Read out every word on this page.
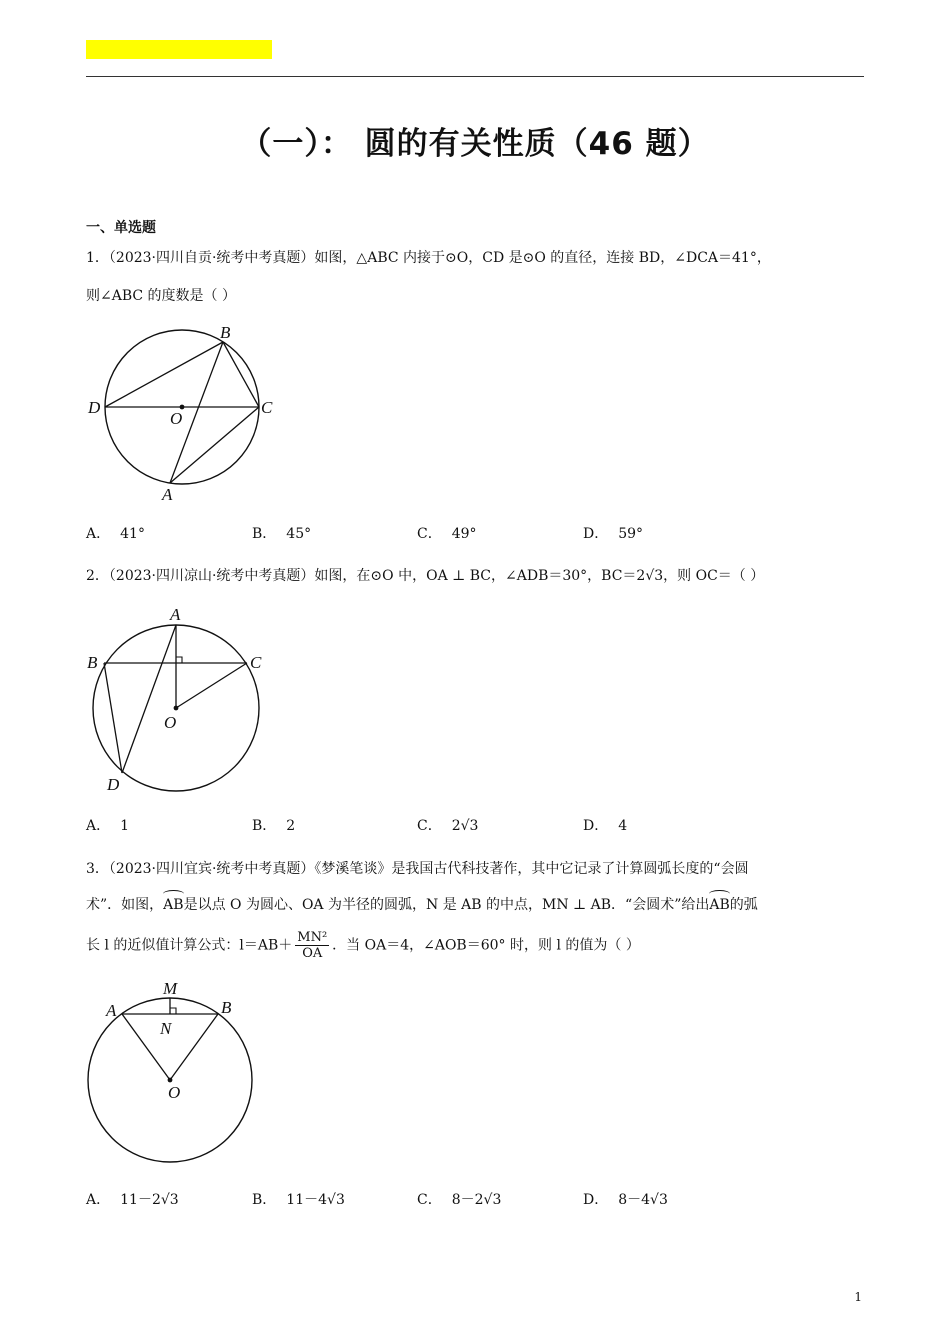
（一）： 圆的有关性质（46 题）
一、单选题
1．（2023·四川自贡·统考中考真题）如图，△ABC 内接于⊙O，CD 是⊙O 的直径，连接 BD，∠DCA＝41°，
则∠ABC 的度数是（ ）
B
D	C
O
A
A． 41°	B． 45°	C． 49°	D． 59°
2．（2023·四川凉山·统考中考真题）如图，在⊙O 中，OA ⊥ BC，∠ADB＝30°，BC＝2√3，则 OC＝（ ）
A
B	C
O
D
A． 1	B． 2	C． 2√3	D． 4
3．（2023·四川宜宾·统考中考真题）《梦溪笔谈》是我国古代科技著作，其中它记录了计算圆弧长度的“会圆
术”．如图，AB是以点 O 为圆心、OA 为半径的圆弧，N 是 AB 的中点，MN ⊥ AB．“会圆术”给出AB的弧
长 l 的近似值计算公式：$l=AB+ \frac{\text{MN²}}{OA}$ ．当 OA＝4，∠AOB＝60° 时，则 l 的值为（ ）
M
A	B
N
O
A． 11－2√3	B． 11－4√3	C． 8－2√3	D． 8－4√3
1
